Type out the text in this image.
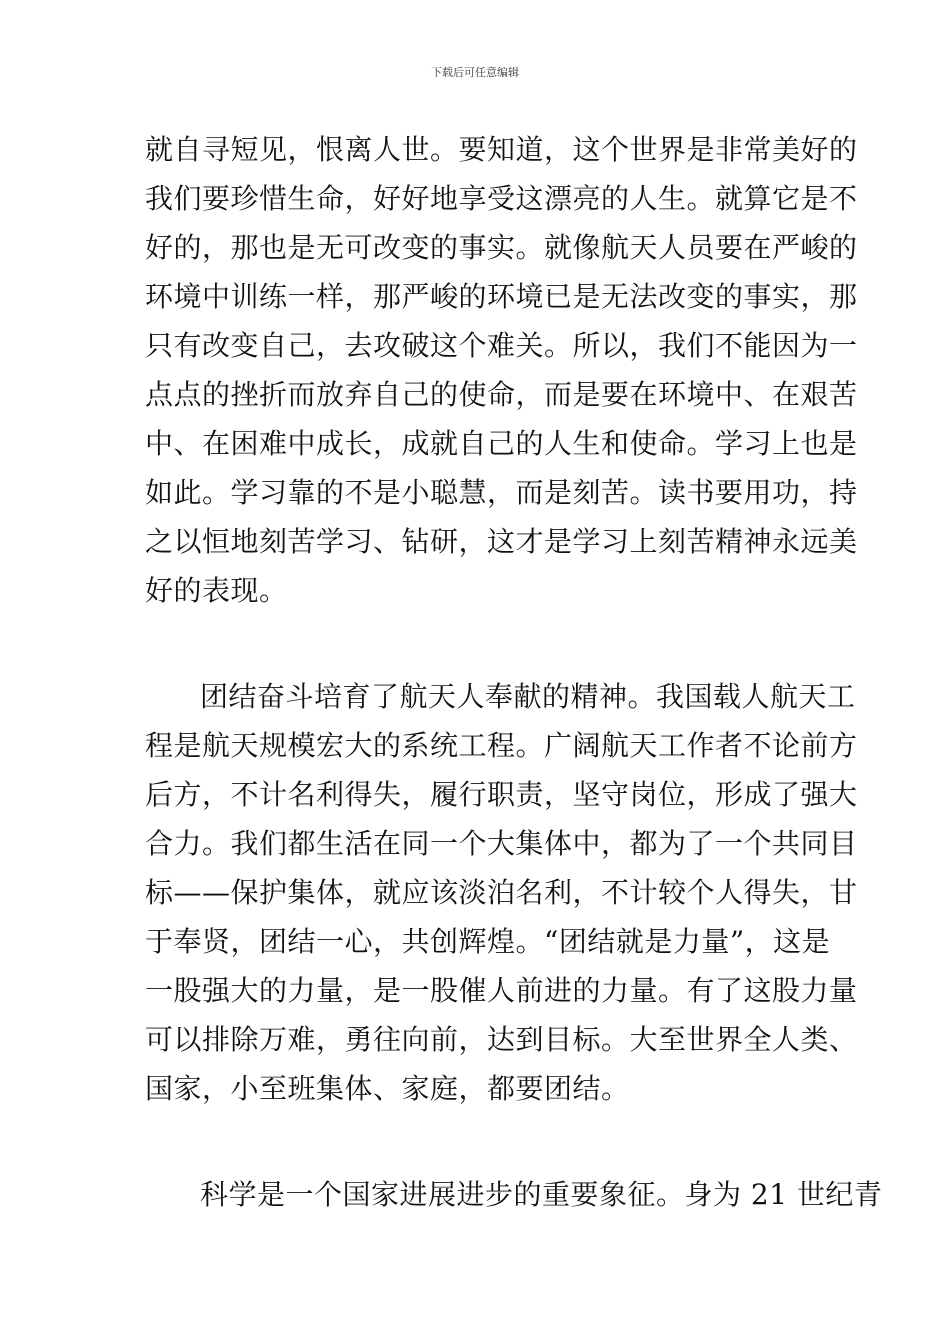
下载后可任意编辑
就自寻短见，恨离人世。要知道，这个世界是非常美好的
我们要珍惜生命，好好地享受这漂亮的人生。就算它是不
好的，那也是无可改变的事实。就像航天人员要在严峻的
环境中训练一样，那严峻的环境已是无法改变的事实，那
只有改变自己，去攻破这个难关。所以，我们不能因为一
点点的挫折而放弃自己的使命，而是要在环境中、在艰苦
中、在困难中成长，成就自己的人生和使命。学习上也是
如此。学习靠的不是小聪慧，而是刻苦。读书要用功，持
之以恒地刻苦学习、钻研，这才是学习上刻苦精神永远美
好的表现。
团结奋斗培育了航天人奉献的精神。我国载人航天工
程是航天规模宏大的系统工程。广阔航天工作者不论前方
后方，不计名利得失，履行职责，坚守岗位，形成了强大
合力。我们都生活在同一个大集体中，都为了一个共同目
标——保护集体，就应该淡泊名利，不计较个人得失，甘
于奉贤，团结一心，共创辉煌。“团结就是力量”，这是
一股强大的力量，是一股催人前进的力量。有了这股力量
可以排除万难，勇往向前，达到目标。大至世界全人类、
国家，小至班集体、家庭，都要团结。
科学是一个国家进展进步的重要象征。身为 21 世纪青
